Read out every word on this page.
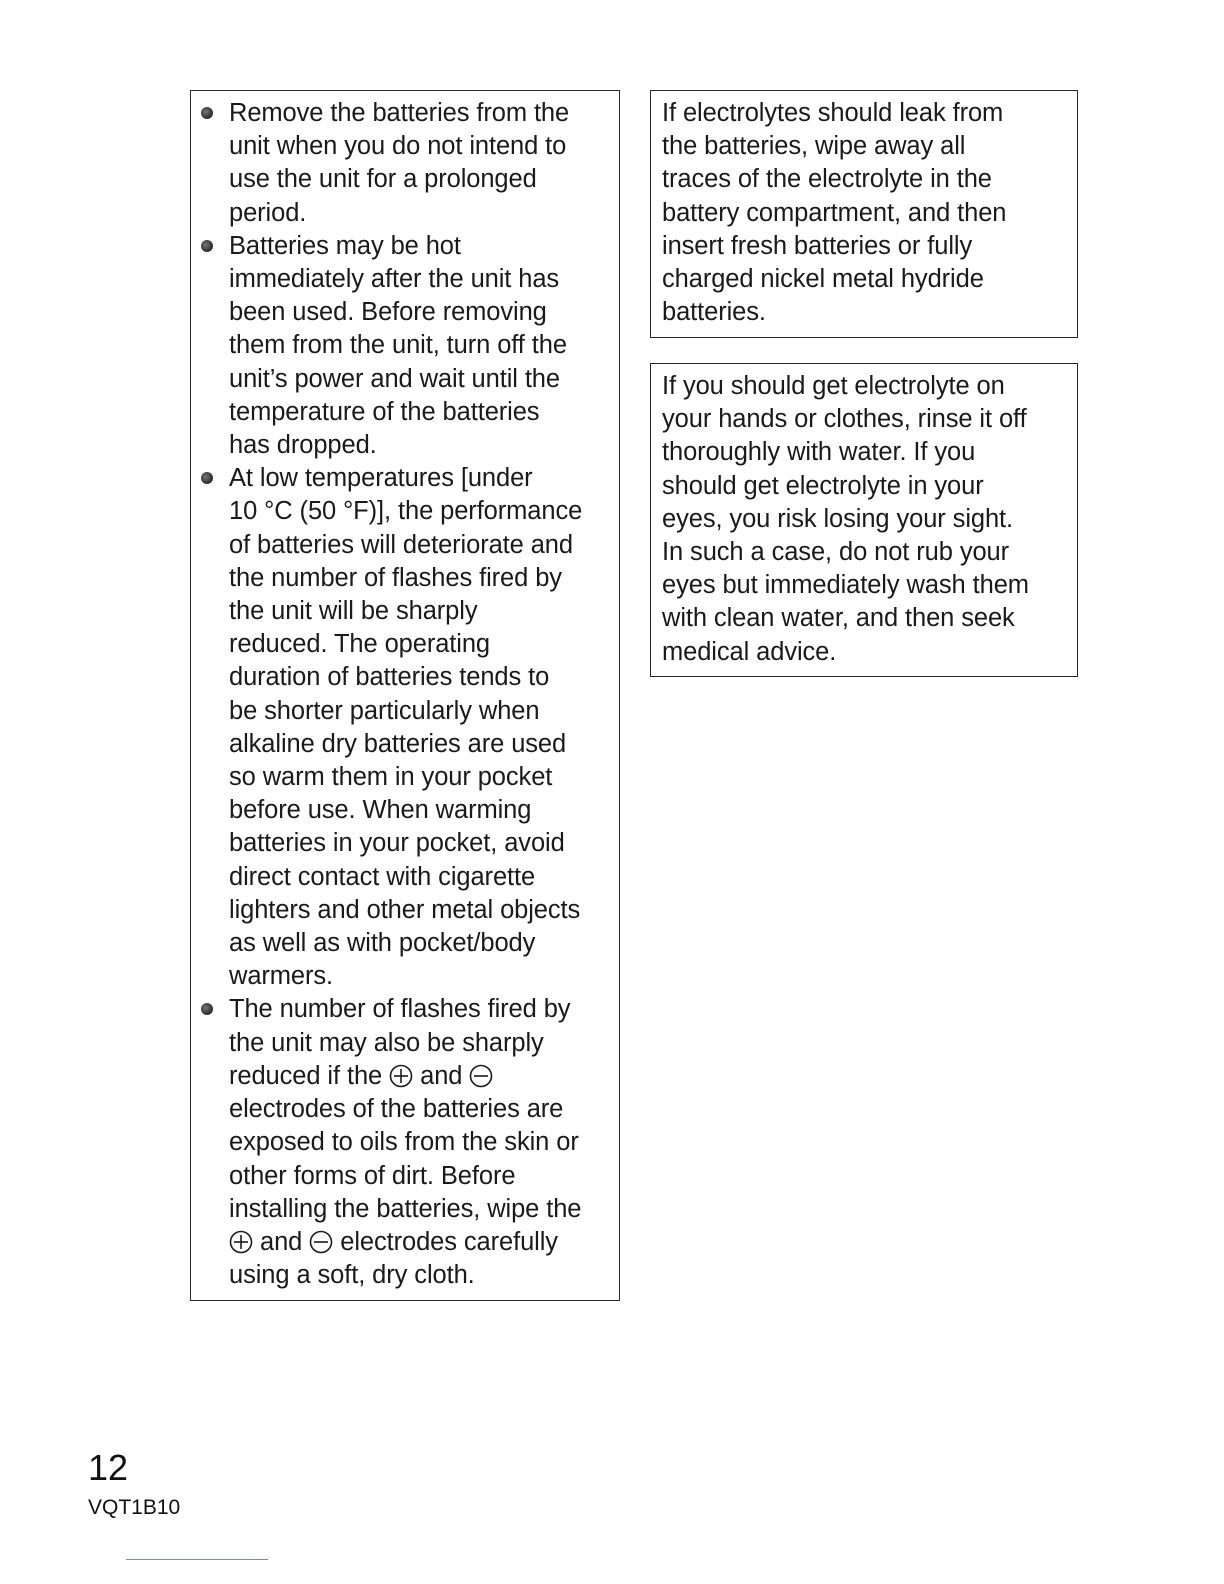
Remove the batteries from the
unit when you do not intend to
use the unit for a prolonged
period.
Batteries may be hot
immediately after the unit has
been used. Before removing
them from the unit, turn off the
unit’s power and wait until the
temperature of the batteries
has dropped.
At low temperatures [under
10 °C (50 °F)], the performance
of batteries will deteriorate and
the number of flashes fired by
the unit will be sharply
reduced. The operating
duration of batteries tends to
be shorter particularly when
alkaline dry batteries are used
so warm them in your pocket
before use. When warming
batteries in your pocket, avoid
direct contact with cigarette
lighters and other metal objects
as well as with pocket/body
warmers.
The number of flashes fired by
the unit may also be sharply
reduced if the and
electrodes of the batteries are
exposed to oils from the skin or
other forms of dirt. Before
installing the batteries, wipe the
and electrodes carefully
using a soft, dry cloth.
If electrolytes should leak from
the batteries, wipe away all
traces of the electrolyte in the
battery compartment, and then
insert fresh batteries or fully
charged nickel metal hydride
batteries.
If you should get electrolyte on
your hands or clothes, rinse it off
thoroughly with water. If you
should get electrolyte in your
eyes, you risk losing your sight.
In such a case, do not rub your
eyes but immediately wash them
with clean water, and then seek
medical advice.
12
VQT1B10
